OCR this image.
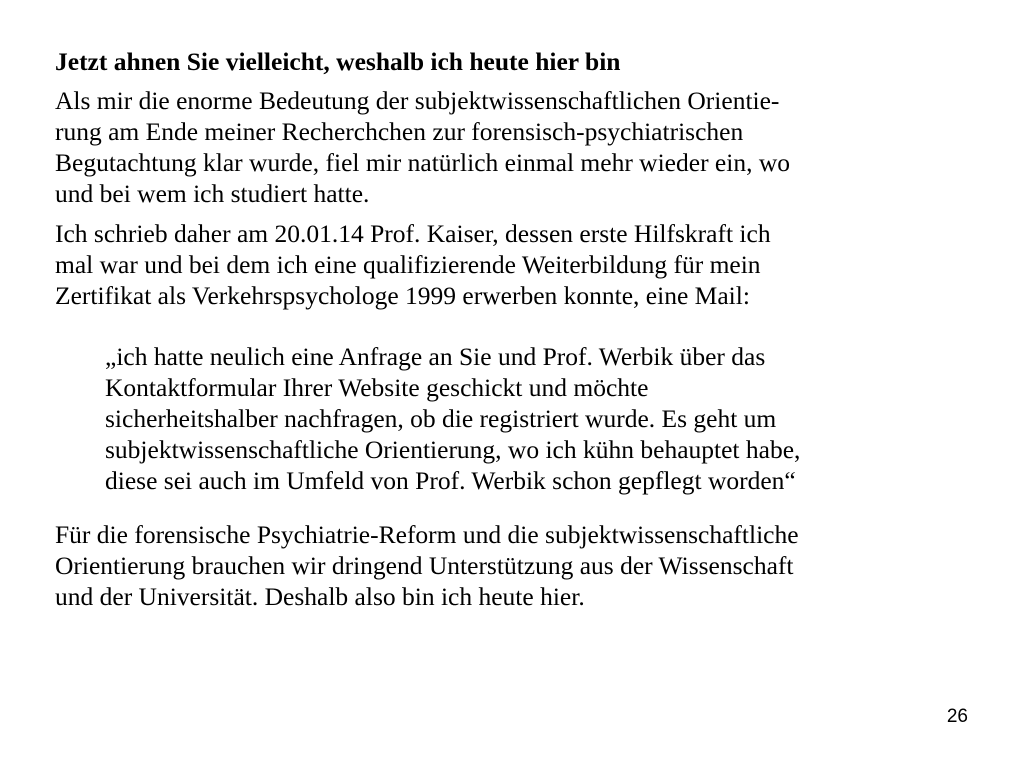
Jetzt ahnen Sie vielleicht, weshalb ich heute hier bin
Als mir die enorme Bedeutung der subjektwissenschaftlichen Orientie-
rung am Ende meiner Recherchchen zur forensisch-psychiatrischen
Begutachtung klar wurde, fiel mir natürlich einmal mehr wieder ein, wo
und bei wem ich studiert hatte.
Ich schrieb daher am 20.01.14 Prof. Kaiser, dessen erste Hilfskraft ich
mal war und bei dem ich eine qualifizierende Weiterbildung für mein
Zertifikat als Verkehrspsychologe 1999 erwerben konnte, eine Mail:
„ich hatte neulich eine Anfrage an Sie und Prof. Werbik über das
Kontaktformular Ihrer Website geschickt und möchte
sicherheitshalber nachfragen, ob die registriert wurde. Es geht um
subjektwissenschaftliche Orientierung, wo ich kühn behauptet habe,
diese sei auch im Umfeld von Prof. Werbik schon gepflegt worden“
Für die forensische Psychiatrie-Reform und die subjektwissenschaftliche
Orientierung brauchen wir dringend Unterstützung aus der Wissenschaft
und der Universität. Deshalb also bin ich heute hier.
26
